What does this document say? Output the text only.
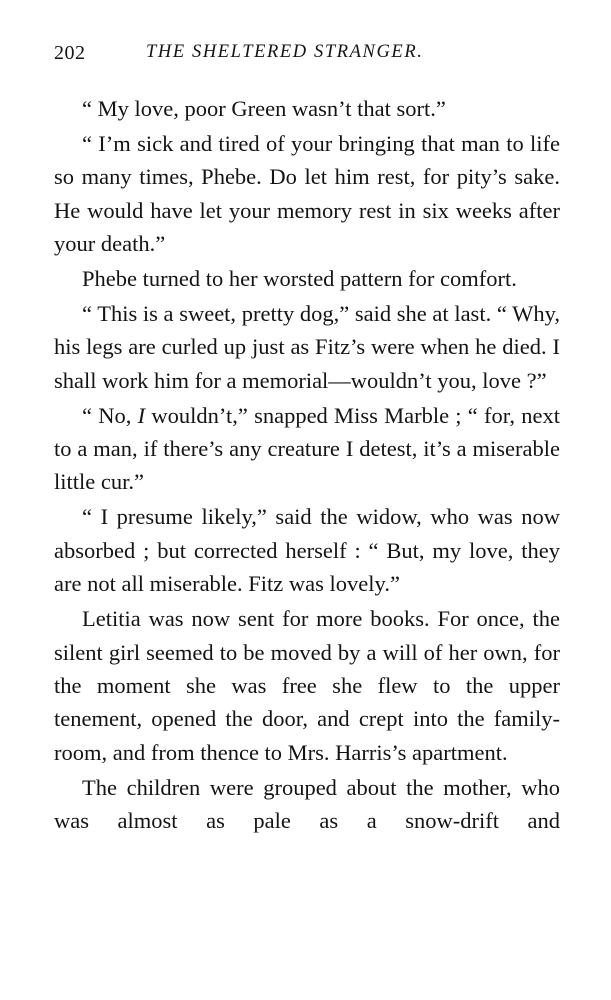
202	THE SHELTERED STRANGER.

“ My love, poor Green wasn’t that sort.”

“ I’m sick and tired of your bringing that man to life so many times, Phebe. Do let him rest, for pity’s sake. He would have let your memory rest in six weeks after your death.”

Phebe turned to her worsted pattern for comfort.

“ This is a sweet, pretty dog,” said she at last. “ Why, his legs are curled up just as Fitz’s were when he died. I shall work him for a memorial—wouldn’t you, love ?”

“ No, I wouldn’t,” snapped Miss Marble ; “ for, next to a man, if there’s any creature I detest, it’s a miserable little cur.”

“ I presume likely,” said the widow, who was now absorbed ; but corrected herself : “ But, my love, they are not all miserable. Fitz was lovely.”

Letitia was now sent for more books. For once, the silent girl seemed to be moved by a will of her own, for the moment she was free she flew to the upper tenement, opened the door, and crept into the family-room, and from thence to Mrs. Harris’s apartment.

The children were grouped about the mother, who was almost as pale as a snow-drift and
